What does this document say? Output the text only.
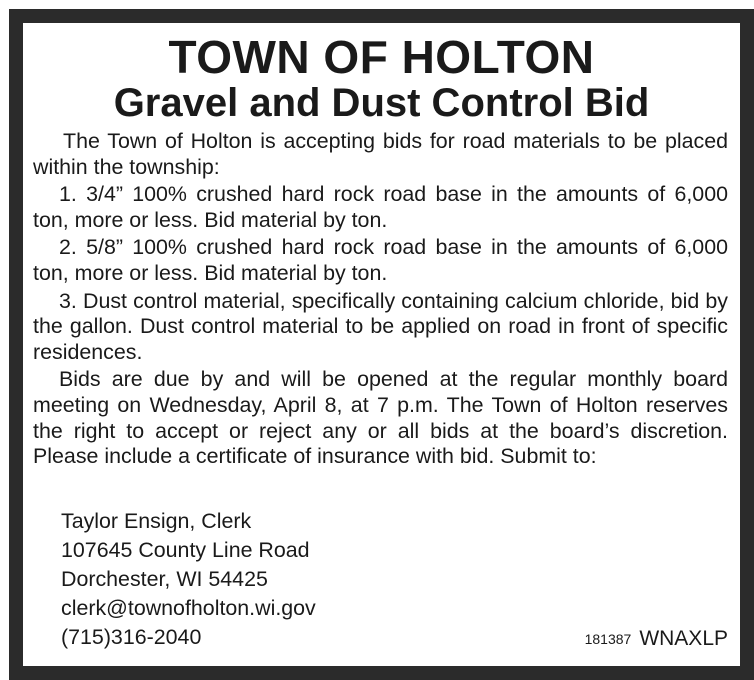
TOWN OF HOLTON
Gravel and Dust Control Bid

The Town of Holton is accepting bids for road materials to be placed within the township:

1. 3/4” 100% crushed hard rock road base in the amounts of 6,000 ton, more or less. Bid material by ton.

2. 5/8” 100% crushed hard rock road base in the amounts of 6,000 ton, more or less. Bid material by ton.

3. Dust control material, specifically containing calcium chloride, bid by the gallon. Dust control material to be applied on road in front of specific residences.

Bids are due by and will be opened at the regular monthly board meeting on Wednesday, April 8, at 7 p.m. The Town of Holton reserves the right to accept or reject any or all bids at the board’s discretion. Please include a certificate of insurance with bid. Submit to:

Taylor Ensign, Clerk
107645 County Line Road
Dorchester, WI 54425
clerk@townofholton.wi.gov
(715)316-2040	181387 WNAXLP
